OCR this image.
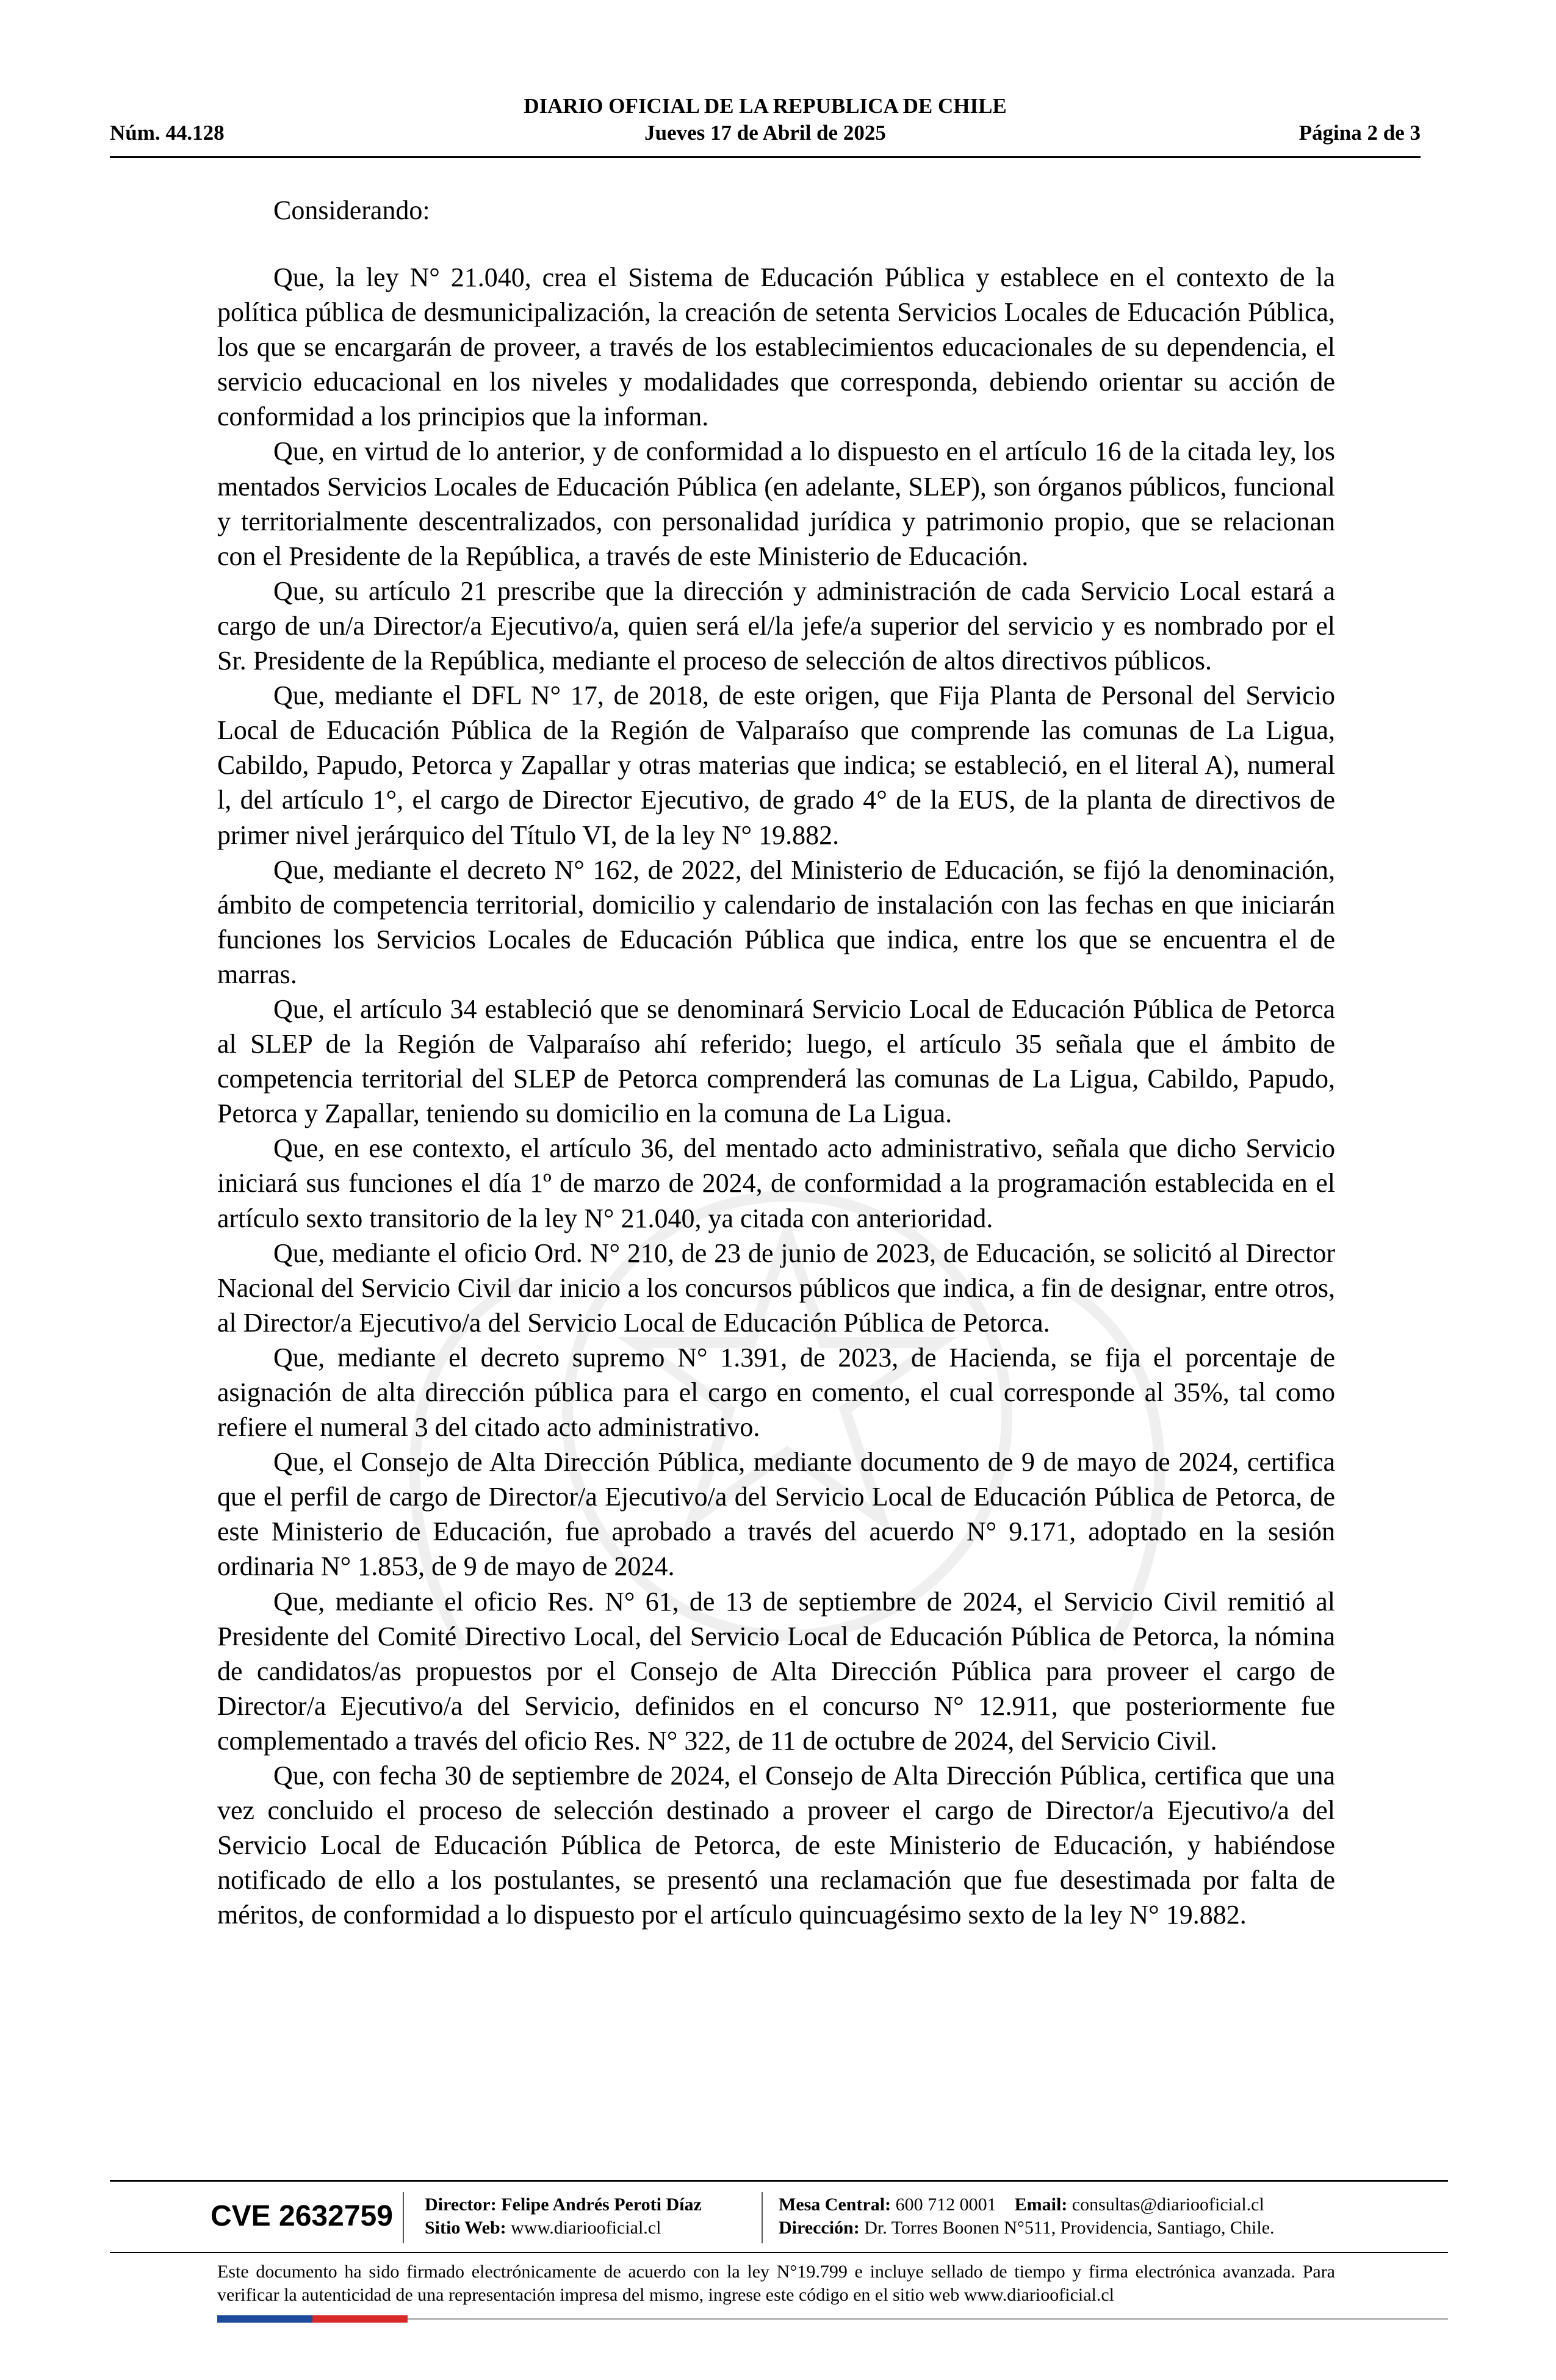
DIARIO OFICIAL DE LA REPUBLICA DE CHILE
Núm. 44.128	Jueves 17 de Abril de 2025	Página 2 de 3
Considerando:

Que, la ley N° 21.040, crea el Sistema de Educación Pública y establece en el contexto de la política pública de desmunicipalización, la creación de setenta Servicios Locales de Educación Pública, los que se encargarán de proveer, a través de los establecimientos educacionales de su dependencia, el servicio educacional en los niveles y modalidades que corresponda, debiendo orientar su acción de conformidad a los principios que la informan.

Que, en virtud de lo anterior, y de conformidad a lo dispuesto en el artículo 16 de la citada ley, los mentados Servicios Locales de Educación Pública (en adelante, SLEP), son órganos públicos, funcional y territorialmente descentralizados, con personalidad jurídica y patrimonio propio, que se relacionan con el Presidente de la República, a través de este Ministerio de Educación.

Que, su artículo 21 prescribe que la dirección y administración de cada Servicio Local estará a cargo de un/a Director/a Ejecutivo/a, quien será el/la jefe/a superior del servicio y es nombrado por el Sr. Presidente de la República, mediante el proceso de selección de altos directivos públicos.

Que, mediante el DFL N° 17, de 2018, de este origen, que Fija Planta de Personal del Servicio Local de Educación Pública de la Región de Valparaíso que comprende las comunas de La Ligua, Cabildo, Papudo, Petorca y Zapallar y otras materias que indica; se estableció, en el literal A), numeral l, del artículo 1°, el cargo de Director Ejecutivo, de grado 4° de la EUS, de la planta de directivos de primer nivel jerárquico del Título VI, de la ley N° 19.882.

Que, mediante el decreto N° 162, de 2022, del Ministerio de Educación, se fijó la denominación, ámbito de competencia territorial, domicilio y calendario de instalación con las fechas en que iniciarán funciones los Servicios Locales de Educación Pública que indica, entre los que se encuentra el de marras.

Que, el artículo 34 estableció que se denominará Servicio Local de Educación Pública de Petorca al SLEP de la Región de Valparaíso ahí referido; luego, el artículo 35 señala que el ámbito de competencia territorial del SLEP de Petorca comprenderá las comunas de La Ligua, Cabildo, Papudo, Petorca y Zapallar, teniendo su domicilio en la comuna de La Ligua.

Que, en ese contexto, el artículo 36, del mentado acto administrativo, señala que dicho Servicio iniciará sus funciones el día 1º de marzo de 2024, de conformidad a la programación establecida en el artículo sexto transitorio de la ley N° 21.040, ya citada con anterioridad.

Que, mediante el oficio Ord. N° 210, de 23 de junio de 2023, de Educación, se solicitó al Director Nacional del Servicio Civil dar inicio a los concursos públicos que indica, a fin de designar, entre otros, al Director/a Ejecutivo/a del Servicio Local de Educación Pública de Petorca.

Que, mediante el decreto supremo N° 1.391, de 2023, de Hacienda, se fija el porcentaje de asignación de alta dirección pública para el cargo en comento, el cual corresponde al 35%, tal como refiere el numeral 3 del citado acto administrativo.

Que, el Consejo de Alta Dirección Pública, mediante documento de 9 de mayo de 2024, certifica que el perfil de cargo de Director/a Ejecutivo/a del Servicio Local de Educación Pública de Petorca, de este Ministerio de Educación, fue aprobado a través del acuerdo N° 9.171, adoptado en la sesión ordinaria N° 1.853, de 9 de mayo de 2024.

Que, mediante el oficio Res. N° 61, de 13 de septiembre de 2024, el Servicio Civil remitió al Presidente del Comité Directivo Local, del Servicio Local de Educación Pública de Petorca, la nómina de candidatos/as propuestos por el Consejo de Alta Dirección Pública para proveer el cargo de Director/a Ejecutivo/a del Servicio, definidos en el concurso N° 12.911, que posteriormente fue complementado a través del oficio Res. N° 322, de 11 de octubre de 2024, del Servicio Civil.

Que, con fecha 30 de septiembre de 2024, el Consejo de Alta Dirección Pública, certifica que una vez concluido el proceso de selección destinado a proveer el cargo de Director/a Ejecutivo/a del Servicio Local de Educación Pública de Petorca, de este Ministerio de Educación, y habiéndose notificado de ello a los postulantes, se presentó una reclamación que fue desestimada por falta de méritos, de conformidad a lo dispuesto por el artículo quincuagésimo sexto de la ley N° 19.882.

CVE 2632759 Director: Felipe Andrés Peroti Díaz
Sitio Web: www.diariooficial.cl
Mesa Central: 600 712 0001 Email: consultas@diariooficial.cl
Dirección: Dr. Torres Boonen N°511, Providencia, Santiago, Chile.
Este documento ha sido firmado electrónicamente de acuerdo con la ley N°19.799 e incluye sellado de tiempo y firma electrónica avanzada. Para verificar la autenticidad de una representación impresa del mismo, ingrese este código en el sitio web www.diariooficial.cl
